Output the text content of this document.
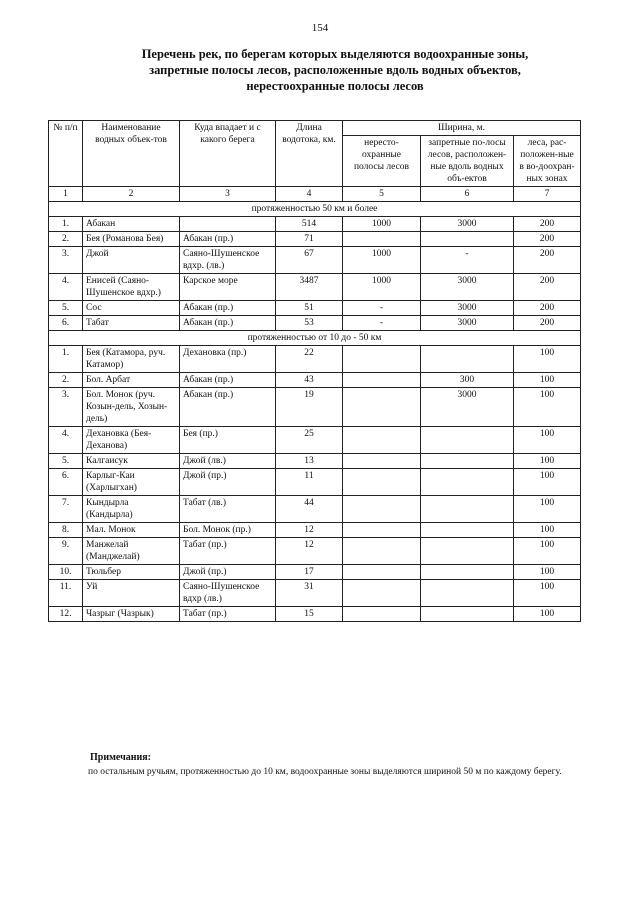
154
Перечень рек, по берегам которых выделяются водоохранные зоны,
запретные полосы лесов, расположенные вдоль водных объектов,
нерестоохранные полосы лесов
№ п/п	Наименование водных объек-тов	Куда впадает и с какого берега	Длина водотока, км.	Ширина, м.		
				нересто-охранные полосы лесов	запретные по-лосы лесов, расположен-ные вдоль водных объ-ектов	леса, рас-положен-ные в во-доохран-ных зонах
1	2	3	4	5	6	7
протяженностью 50 км и более						
1.	Абакан		514	1000	3000	200
2.	Бея (Романова Бея)	Абакан (пр.)	71			200
3.	Джой	Саяно-Шушенское вдхр. (лв.)	67	1000	-	200
4.	Енисей (Саяно-Шушенское вдхр.)	Карское море	3487	1000	3000	200
5.	Сос	Абакан (пр.)	51	-	3000	200
6.	Табат	Абакан (пр.)	53	-	3000	200
протяженностью от 10 до - 50 км						
1.	Бея (Катамора, руч. Катамор)	Дехановка (пр.)	22			100
2.	Бол. Арбат	Абакан (пр.)	43		300	100
3.	Бол. Монок (руч. Козын-дель, Хозын-дель)	Абакан (пр.)	19		3000	100
4.	Дехановка (Бея-Деханова)	Бея (пр.)	25			100
5.	Калгаисук	Джой (лв.)	13			100
6.	Карлыг-Каи (Харлыгхан)	Джой (пр.)	11			100
7.	Кындырла (Кандырла)	Табат (лв.)	44			100
8.	Мал. Монок	Бол. Монок (пр.)	12			100
9.	Манжелай (Манджелай)	Табат (пр.)	12			100
10.	Тюльбер	Джой (пр.)	17			100
11.	Уй	Саяно-Шушенское вдхр (лв.)	31			100
12.	Чазрыг (Чазрык)	Табат (пр.)	15			100
Примечания:
по остальным ручьям, протяженностью до 10 км, водоохранные зоны выделяются шириной 50 м по каждому берегу.
